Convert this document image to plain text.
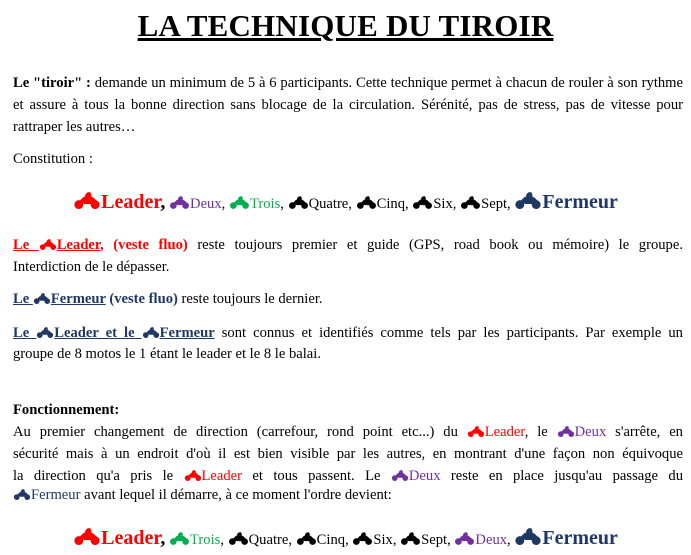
LA TECHNIQUE DU TIROIR
Le "tiroir" : demande un minimum de 5 à 6 participants. Cette technique permet à chacun de rouler à son rythme et assure à tous la bonne direction sans blocage de la circulation. Sérénité, pas de stress, pas de vitesse pour rattraper les autres…
Constitution :
Leader, Deux, Trois, Quatre, Cinq, Six, Sept, Fermeur
Le Leader, (veste fluo) reste toujours premier et guide (GPS, road book ou mémoire) le groupe.
Interdiction de le dépasser.
Le Fermeur (veste fluo) reste toujours le dernier.
Le Leader et le Fermeur sont connus et identifiés comme tels par les participants. Par exemple un
groupe de 8 motos le 1 étant le leader et le 8 le balai.
Fonctionnement:
Au premier changement de direction (carrefour, rond point etc...) du Leader, le Deux s'arrête, en
sécurité mais à un endroit d'où il est bien visible par les autres, en montrant d'une façon non équivoque
la direction qu'a pris le Leader et tous passent. Le Deux reste en place jusqu'au passage du
Fermeur avant lequel il démarre, à ce moment l'ordre devient:
Leader, Trois, Quatre, Cinq, Six, Sept, Deux, Fermeur
